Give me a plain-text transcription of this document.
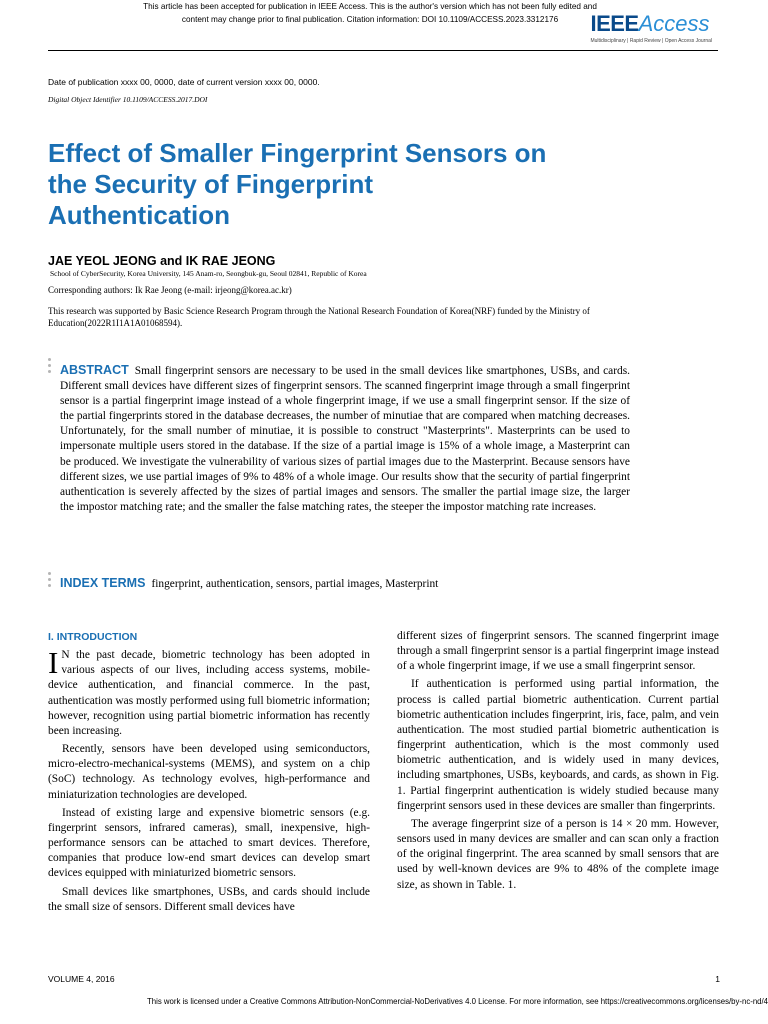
This article has been accepted for publication in IEEE Access. This is the author's version which has not been fully edited and
content may change prior to final publication. Citation information: DOI 10.1109/ACCESS.2023.3312176	IEEEAccess
Multidisciplinary | Rapid Review | Open Access Journal
Date of publication xxxx 00, 0000, date of current version xxxx 00, 0000.
Digital Object Identifier 10.1109/ACCESS.2017.DOI
Effect of Smaller Fingerprint Sensors on
the Security of Fingerprint
Authentication
JAE YEOL JEONG and IK RAE JEONG
School of CyberSecurity, Korea University, 145 Anam-ro, Seongbuk-gu, Seoul 02841, Republic of Korea
Corresponding authors: Ik Rae Jeong (e-mail: irjeong@korea.ac.kr)
This research was supported by Basic Science Research Program through the National Research Foundation of Korea(NRF) funded by the Ministry of Education(2022R1I1A1A01068594).
ABSTRACT Small fingerprint sensors are necessary to be used in the small devices like smartphones, USBs, and cards. Different small devices have different sizes of fingerprint sensors. The scanned fingerprint image through a small fingerprint sensor is a partial fingerprint image instead of a whole fingerprint image, if we use a small fingerprint sensor. If the size of the partial fingerprints stored in the database decreases, the number of minutiae that are compared when matching decreases. Unfortunately, for the small number of minutiae, it is possible to construct "Masterprints". Masterprints can be used to impersonate multiple users stored in the database. If the size of a partial image is 15% of a whole image, a Masterprint can be produced. We investigate the vulnerability of various sizes of partial images due to the Masterprint. Because sensors have different sizes, we use partial images of 9% to 48% of a whole image. Our results show that the security of partial fingerprint authentication is severely affected by the sizes of partial images and sensors. The smaller the partial image size, the larger the impostor matching rate; and the smaller the false matching rates, the steeper the impostor matching rate increases.
INDEX TERMS fingerprint, authentication, sensors, partial images, Masterprint
I. INTRODUCTION

I N the past decade, biometric technology has been adopted in various aspects of our lives, including access systems, mobile-device authentication, and financial commerce. In the past, authentication was mostly performed using full biometric information; however, recognition using partial biometric information has recently been increasing.

Recently, sensors have been developed using semiconductors, micro-electro-mechanical-systems (MEMS), and system on a chip (SoC) technology. As technology evolves, high-performance and miniaturization technologies are developed.

Instead of existing large and expensive biometric sensors (e.g. fingerprint sensors, infrared cameras), small, inexpensive, high-performance sensors can be attached to smart devices. Therefore, companies that produce low-end smart devices can develop smart devices equipped with miniaturized biometric sensors.

Small devices like smartphones, USBs, and cards should include the small size of sensors. Different small devices have

different sizes of fingerprint sensors. The scanned fingerprint image through a small fingerprint sensor is a partial fingerprint image instead of a whole fingerprint image, if we use a small fingerprint sensor.

If authentication is performed using partial information, the process is called partial biometric authentication. Current partial biometric authentication includes fingerprint, iris, face, palm, and vein authentication. The most studied partial biometric authentication is fingerprint authentication, which is the most commonly used biometric authentication, and is widely used in many devices, including smartphones, USBs, keyboards, and cards, as shown in Fig. 1. Partial fingerprint authentication is widely studied because many fingerprint sensors used in these devices are smaller than fingerprints.

The average fingerprint size of a person is 14 × 20 mm. However, sensors used in many devices are smaller and can scan only a fraction of the original fingerprint. The area scanned by small sensors that are used by well-known devices are 9% to 48% of the complete image size, as shown in Table. 1.

VOLUME 4, 2016	1
This work is licensed under a Creative Commons Attribution-NonCommercial-NoDerivatives 4.0 License. For more information, see https://creativecommons.org/licenses/by-nc-nd/4
